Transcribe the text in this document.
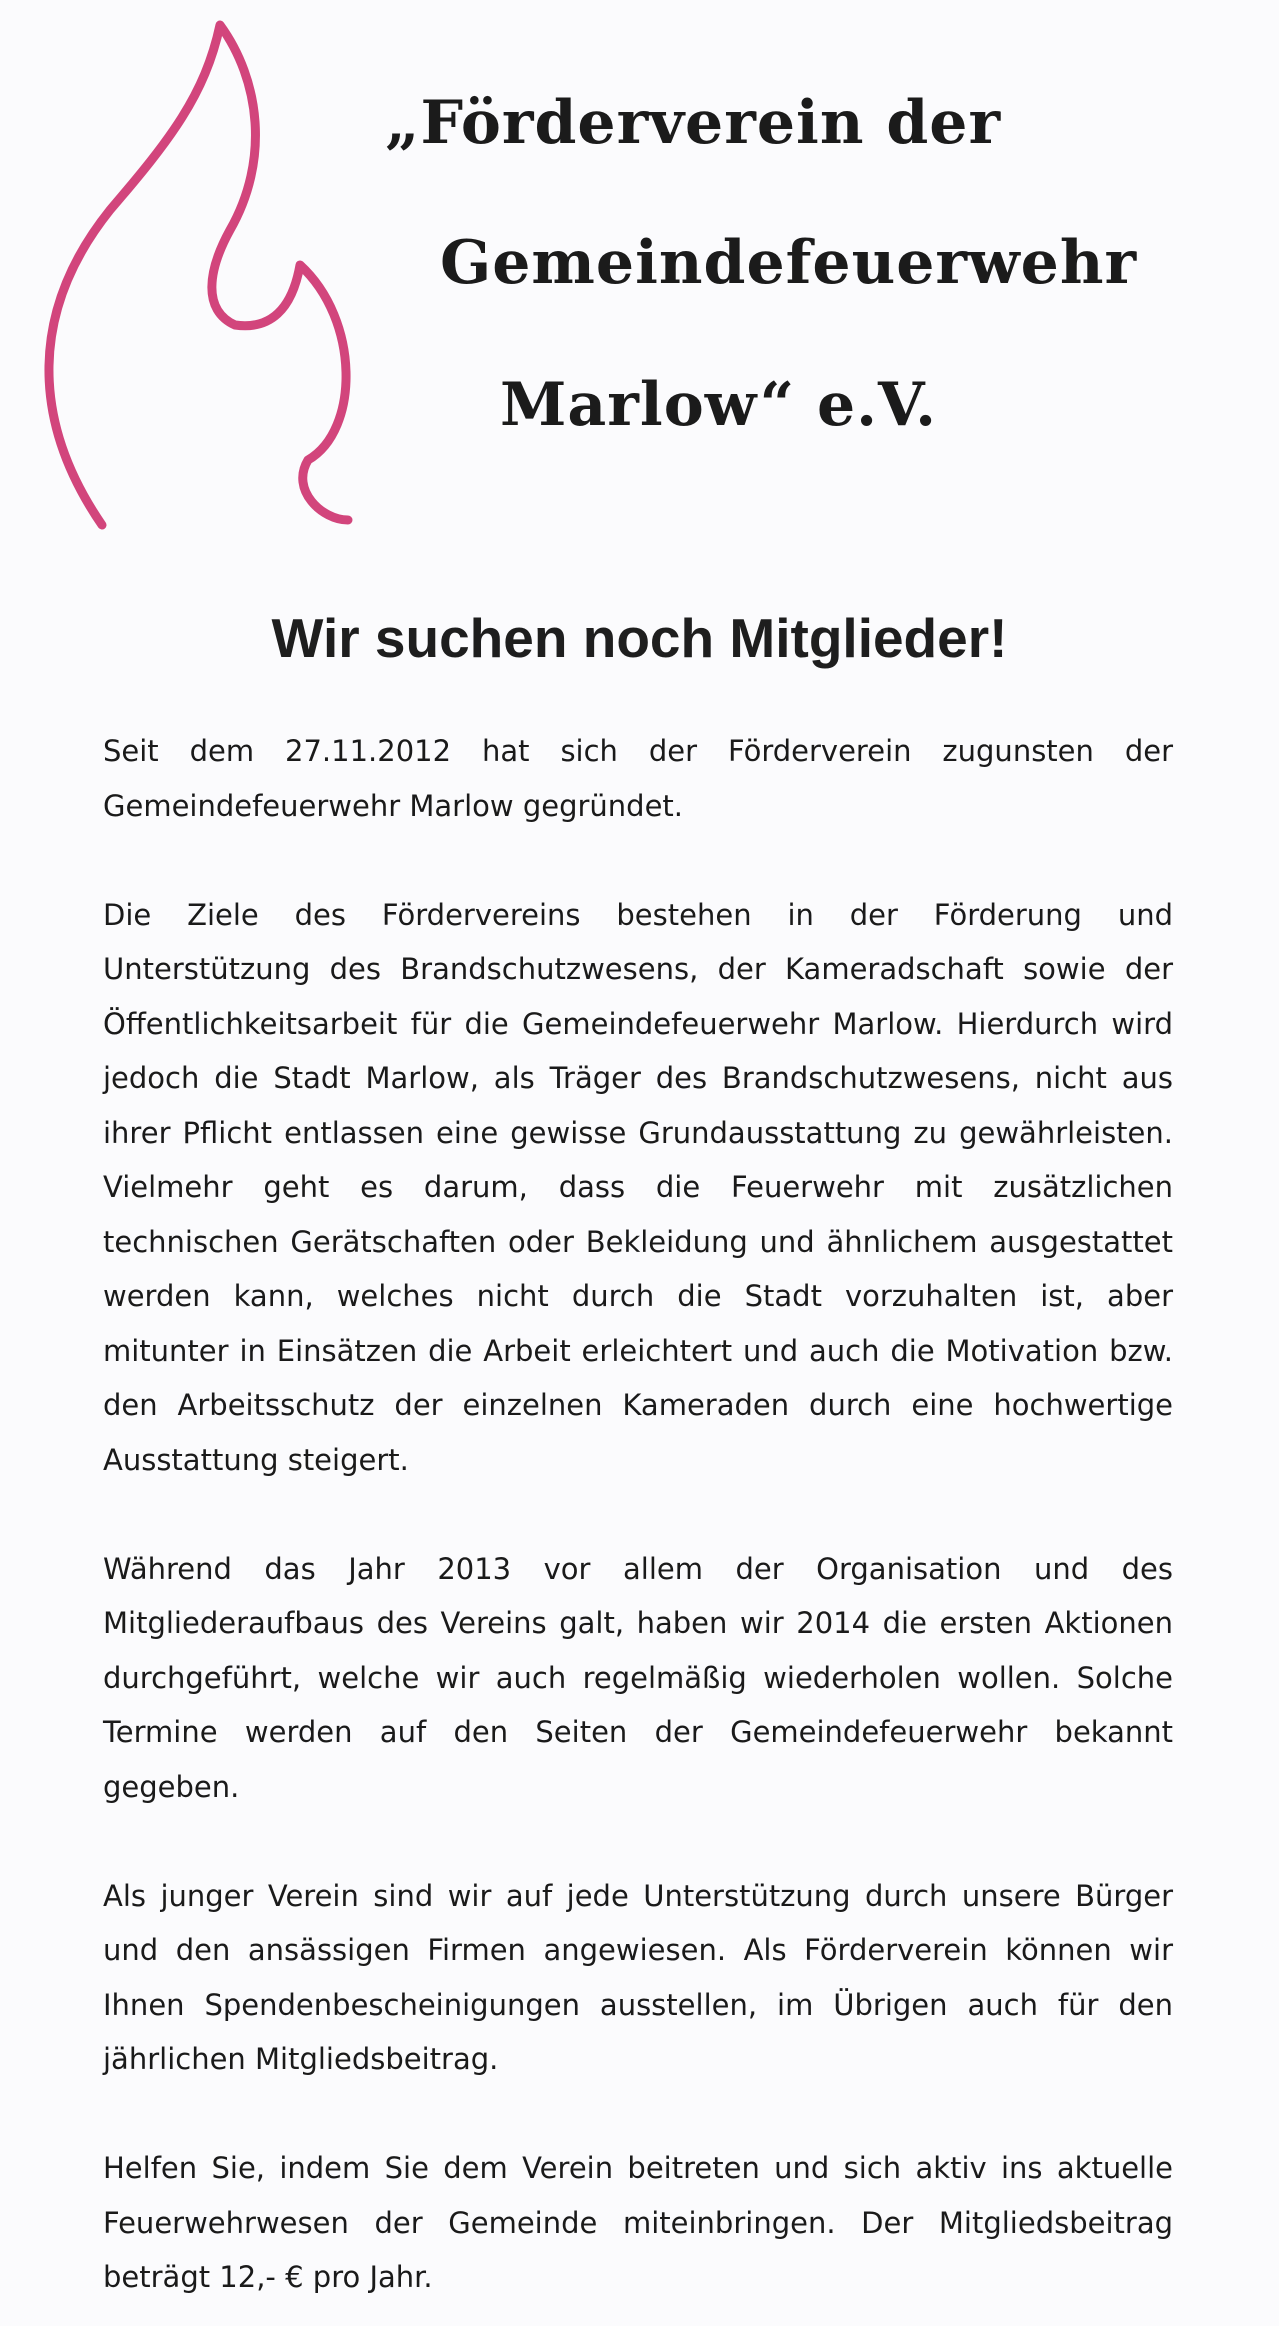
„Förderverein der
Gemeindefeuerwehr
Marlow“ e.V.
Wir suchen noch Mitglieder!

Seit dem 27.11.2012 hat sich der Förderverein zugunsten der Gemeindefeuerwehr Marlow gegründet.

Die Ziele des Fördervereins bestehen in der Förderung und Unterstützung des Brandschutzwesens, der Kameradschaft sowie der Öffentlichkeitsarbeit für die Gemeindefeuerwehr Marlow. Hierdurch wird jedoch die Stadt Marlow, als Träger des Brandschutzwesens, nicht aus ihrer Pflicht entlassen eine gewisse Grundausstattung zu gewährleisten. Vielmehr geht es darum, dass die Feuerwehr mit zusätzlichen technischen Gerätschaften oder Bekleidung und ähnlichem ausgestattet werden kann, welches nicht durch die Stadt vorzuhalten ist, aber mitunter in Einsätzen die Arbeit erleichtert und auch die Motivation bzw. den Arbeitsschutz der einzelnen Kameraden durch eine hochwertige Ausstattung steigert.

Während das Jahr 2013 vor allem der Organisation und des Mitgliederaufbaus des Vereins galt, haben wir 2014 die ersten Aktionen durchgeführt, welche wir auch regelmäßig wiederholen wollen. Solche Termine werden auf den Seiten der Gemeindefeuerwehr bekannt gegeben.

Als junger Verein sind wir auf jede Unterstützung durch unsere Bürger und den ansässigen Firmen angewiesen. Als Förderverein können wir Ihnen Spendenbescheinigungen ausstellen, im Übrigen auch für den jährlichen Mitgliedsbeitrag.

Helfen Sie, indem Sie dem Verein beitreten und sich aktiv ins aktuelle Feuerwehrwesen der Gemeinde miteinbringen. Der Mitgliedsbeitrag beträgt 12,- € pro Jahr.
